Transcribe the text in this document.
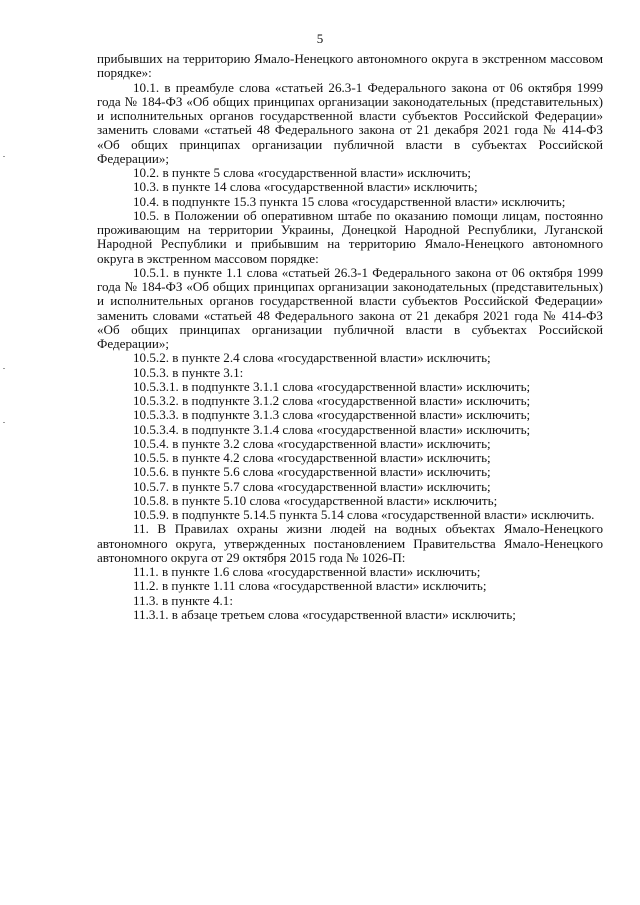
5

прибывших на территорию Ямало-Ненецкого автономного округа в экстренном массовом порядке»:

10.1. в преамбуле слова «статьей 26.3-1 Федерального закона от 06 октября 1999 года № 184-ФЗ «Об общих принципах организации законодательных (представительных) и исполнительных органов государственной власти субъектов Российской Федерации» заменить словами «статьей 48 Федерального закона от 21 декабря 2021 года № 414-ФЗ «Об общих принципах организации публичной власти в субъектах Российской Федерации»;

10.2. в пункте 5 слова «государственной власти» исключить;

10.3. в пункте 14 слова «государственной власти» исключить;

10.4. в подпункте 15.3 пункта 15 слова «государственной власти» исключить;

10.5. в Положении об оперативном штабе по оказанию помощи лицам, постоянно проживающим на территории Украины, Донецкой Народной Республики, Луганской Народной Республики и прибывшим на территорию Ямало-Ненецкого автономного округа в экстренном массовом порядке:

10.5.1. в пункте 1.1 слова «статьей 26.3-1 Федерального закона от 06 октября 1999 года № 184-ФЗ «Об общих принципах организации законодательных (представительных) и исполнительных органов государственной власти субъектов Российской Федерации» заменить словами «статьей 48 Федерального закона от 21 декабря 2021 года № 414-ФЗ «Об общих принципах организации публичной власти в субъектах Российской Федерации»;

10.5.2. в пункте 2.4 слова «государственной власти» исключить;

10.5.3. в пункте 3.1:

10.5.3.1. в подпункте 3.1.1 слова «государственной власти» исключить;

10.5.3.2. в подпункте 3.1.2 слова «государственной власти» исключить;

10.5.3.3. в подпункте 3.1.3 слова «государственной власти» исключить;

10.5.3.4. в подпункте 3.1.4 слова «государственной власти» исключить;

10.5.4. в пункте 3.2 слова «государственной власти» исключить;

10.5.5. в пункте 4.2 слова «государственной власти» исключить;

10.5.6. в пункте 5.6 слова «государственной власти» исключить;

10.5.7. в пункте 5.7 слова «государственной власти» исключить;

10.5.8. в пункте 5.10 слова «государственной власти» исключить;

10.5.9. в подпункте 5.14.5 пункта 5.14 слова «государственной власти» исключить.

11. В Правилах охраны жизни людей на водных объектах Ямало-Ненецкого автономного округа, утвержденных постановлением Правительства Ямало-Ненецкого автономного округа от 29 октября 2015 года № 1026-П:

11.1. в пункте 1.6 слова «государственной власти» исключить;

11.2. в пункте 1.11 слова «государственной власти» исключить;

11.3. в пункте 4.1:

11.3.1. в абзаце третьем слова «государственной власти» исключить;
